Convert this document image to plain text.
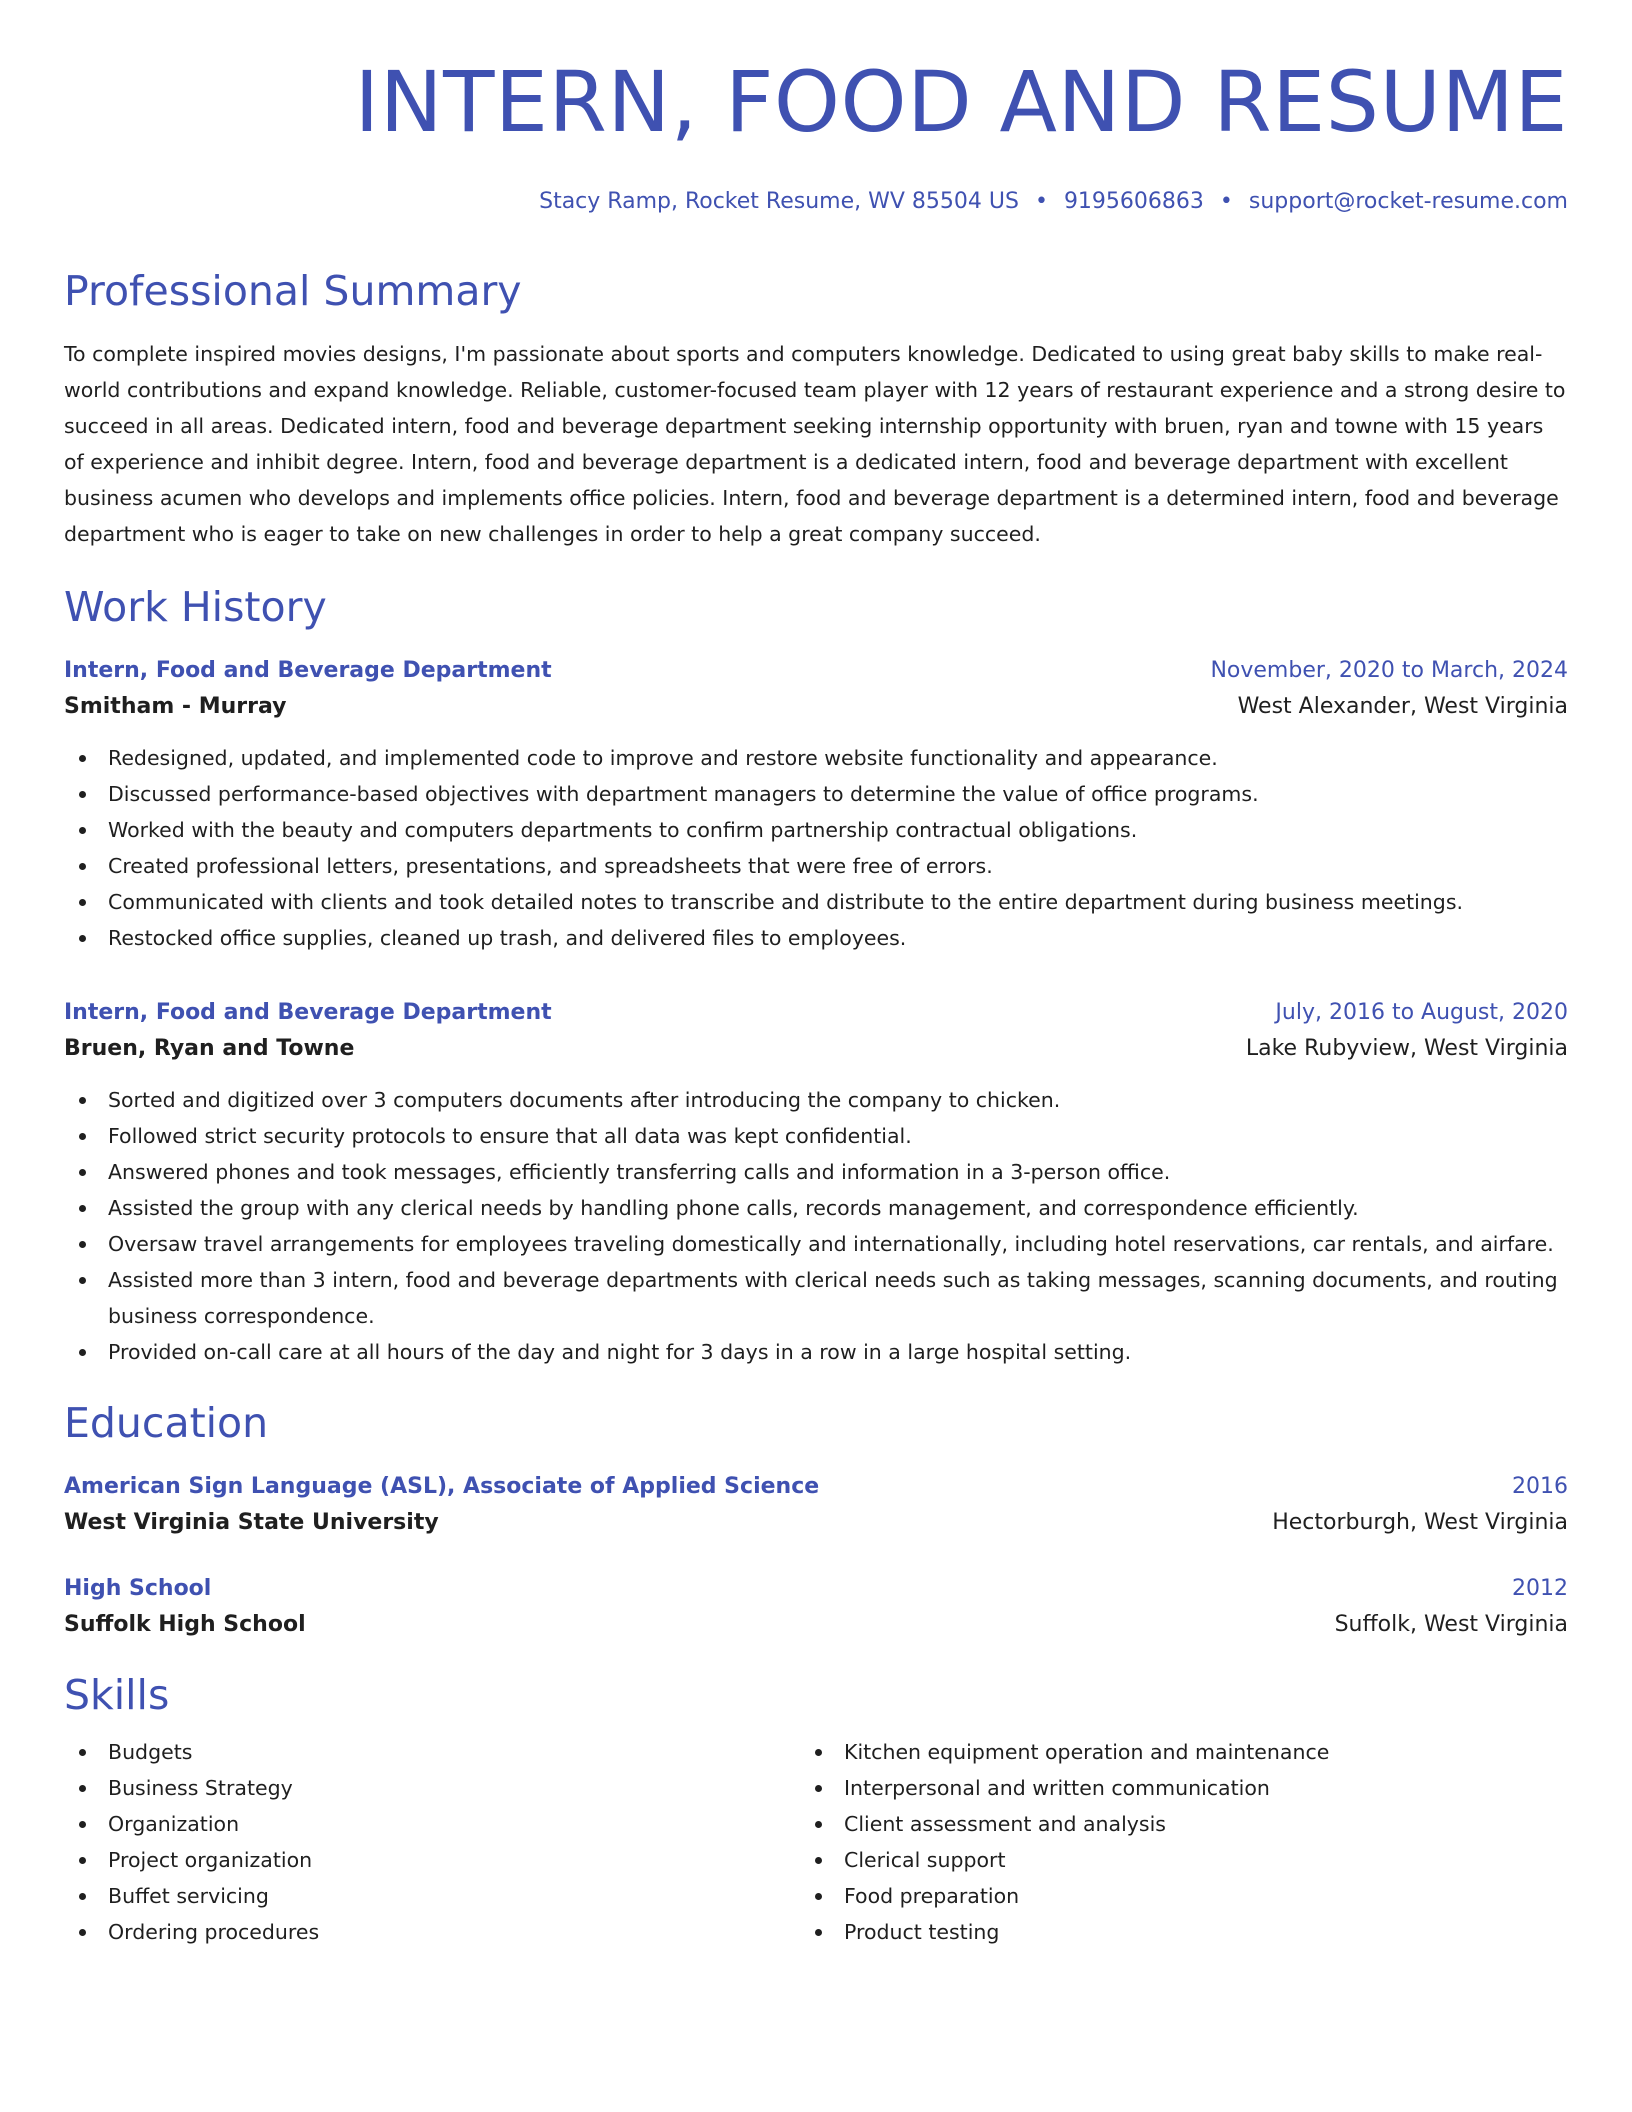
INTERN, FOOD AND RESUME
Stacy Ramp, Rocket Resume, WV 85504 US • 9195606863 • support@rocket-resume.com
Professional Summary

To complete inspired movies designs, I'm passionate about sports and computers knowledge. Dedicated to using great baby skills to make real-world contributions and expand knowledge. Reliable, customer-focused team player with 12 years of restaurant experience and a strong desire to succeed in all areas. Dedicated intern, food and beverage department seeking internship opportunity with bruen, ryan and towne with 15 years of experience and inhibit degree. Intern, food and beverage department is a dedicated intern, food and beverage department with excellent business acumen who develops and implements office policies. Intern, food and beverage department is a determined intern, food and beverage department who is eager to take on new challenges in order to help a great company succeed.

Work History
Intern, Food and Beverage Department	November, 2020 to March, 2024
Smitham - Murray	West Alexander, West Virginia
Redesigned, updated, and implemented code to improve and restore website functionality and appearance.
Discussed performance-based objectives with department managers to determine the value of office programs.
Worked with the beauty and computers departments to confirm partnership contractual obligations.
Created professional letters, presentations, and spreadsheets that were free of errors.
Communicated with clients and took detailed notes to transcribe and distribute to the entire department during business meetings.
Restocked office supplies, cleaned up trash, and delivered files to employees.
Intern, Food and Beverage Department	July, 2016 to August, 2020
Bruen, Ryan and Towne	Lake Rubyview, West Virginia
Sorted and digitized over 3 computers documents after introducing the company to chicken.
Followed strict security protocols to ensure that all data was kept confidential.
Answered phones and took messages, efficiently transferring calls and information in a 3-person office.
Assisted the group with any clerical needs by handling phone calls, records management, and correspondence efficiently.
Oversaw travel arrangements for employees traveling domestically and internationally, including hotel reservations, car rentals, and airfare.
Assisted more than 3 intern, food and beverage departments with clerical needs such as taking messages, scanning documents, and routing business correspondence.
Provided on-call care at all hours of the day and night for 3 days in a row in a large hospital setting.
Education
American Sign Language (ASL), Associate of Applied Science	2016
West Virginia State University	Hectorburgh, West Virginia
High School	2012
Suffolk High School	Suffolk, West Virginia
Skills
Budgets
Business Strategy
Organization
Project organization
Buffet servicing
Ordering procedures
Kitchen equipment operation and maintenance
Interpersonal and written communication
Client assessment and analysis
Clerical support
Food preparation
Product testing
